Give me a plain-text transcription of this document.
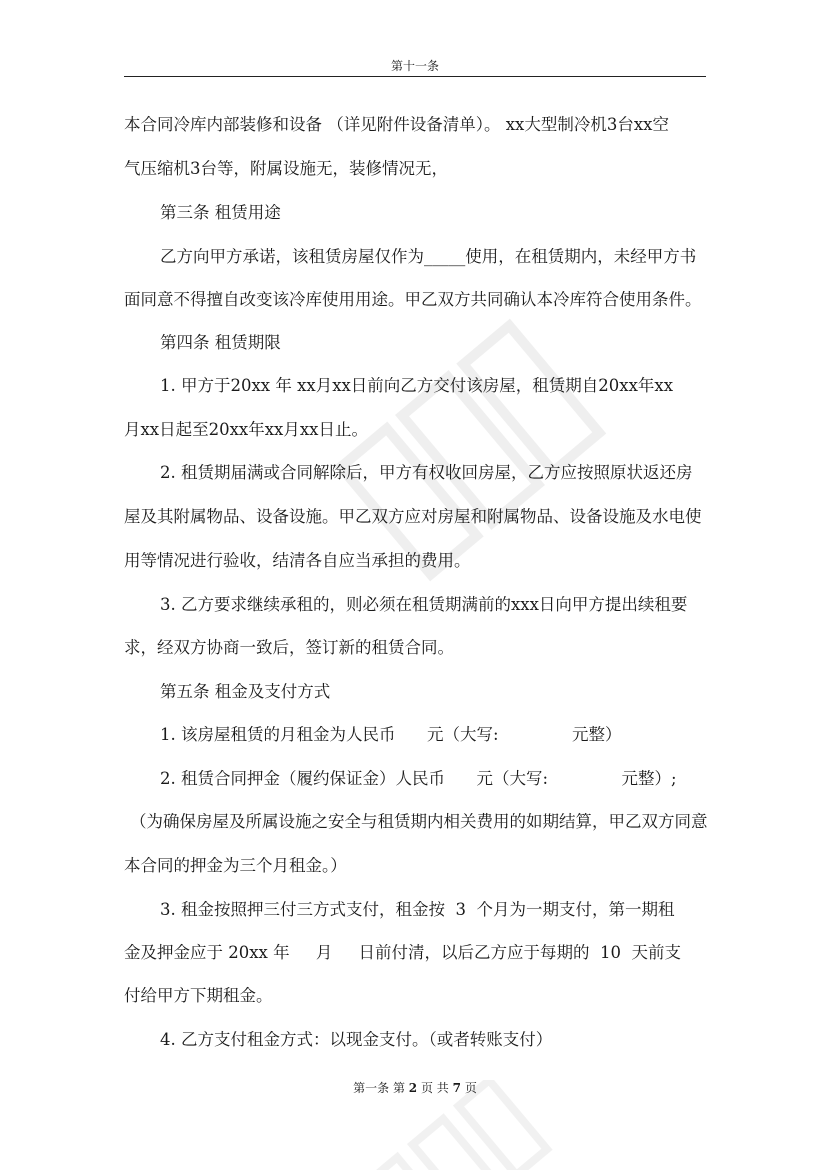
第十一条
本合同冷库内部装修和设备 （详见附件设备清单）。 xx大型制冷机3台xx空
气压缩机3台等，附属设施无，装修情况无，
第三条 租赁用途
乙方向甲方承诺，该租赁房屋仅作为_____使用，在租赁期内，未经甲方书
面同意不得擅自改变该冷库使用用途。甲乙双方共同确认本冷库符合使用条件。
第四条 租赁期限
1. 甲方于20xx 年 xx月xx日前向乙方交付该房屋，租赁期自20xx年xx
月xx日起至20xx年xx月xx日止。
2. 租赁期届满或合同解除后，甲方有权收回房屋，乙方应按照原状返还房
屋及其附属物品、设备设施。甲乙双方应对房屋和附属物品、设备设施及水电使
用等情况进行验收，结清各自应当承担的费用。
3. 乙方要求继续承租的，则必须在租赁期满前的xxx日向甲方提出续租要
求，经双方协商一致后，签订新的租赁合同。
第五条 租金及支付方式
1. 该房屋租赁的月租金为人民币      元（大写:              元整）
2. 租赁合同押金（履约保证金）人民币      元（大写:              元整）;
（为确保房屋及所属设施之安全与租赁期内相关费用的如期结算，甲乙双方同意
本合同的押金为三个月租金。）
3. 租金按照押三付三方式支付，租金按  3  个月为一期支付，第一期租
金及押金应于 20xx 年     月     日前付清，以后乙方应于每期的  10  天前支
付给甲方下期租金。
4. 乙方支付租金方式：以现金支付。（或者转账支付）
第一条 第 2 页 共 7 页
